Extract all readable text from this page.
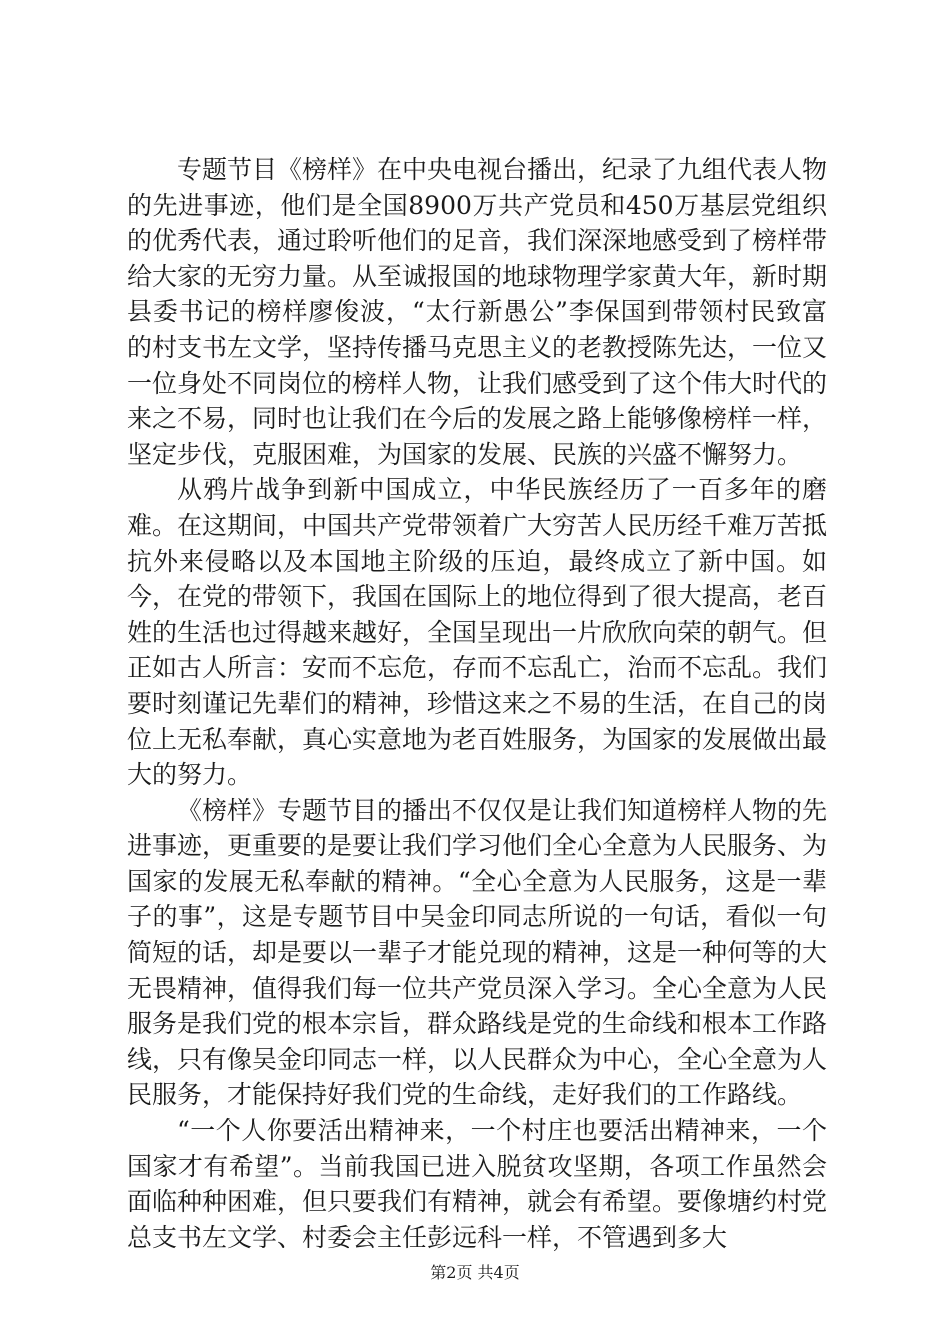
专题节目《榜样》在中央电视台播出，纪录了九组代表人物的先进事迹，他们是全国8900万共产党员和450万基层党组织的优秀代表，通过聆听他们的足音，我们深深地感受到了榜样带给大家的无穷力量。从至诚报国的地球物理学家黄大年，新时期县委书记的榜样廖俊波，“太行新愚公”李保国到带领村民致富的村支书左文学，坚持传播马克思主义的老教授陈先达，一位又一位身处不同岗位的榜样人物，让我们感受到了这个伟大时代的来之不易，同时也让我们在今后的发展之路上能够像榜样一样，坚定步伐，克服困难，为国家的发展、民族的兴盛不懈努力。

从鸦片战争到新中国成立，中华民族经历了一百多年的磨难。在这期间，中国共产党带领着广大穷苦人民历经千难万苦抵抗外来侵略以及本国地主阶级的压迫，最终成立了新中国。如今，在党的带领下，我国在国际上的地位得到了很大提高，老百姓的生活也过得越来越好，全国呈现出一片欣欣向荣的朝气。但正如古人所言：安而不忘危，存而不忘乱亡，治而不忘乱。我们要时刻谨记先辈们的精神，珍惜这来之不易的生活，在自己的岗位上无私奉献，真心实意地为老百姓服务，为国家的发展做出最大的努力。

《榜样》专题节目的播出不仅仅是让我们知道榜样人物的先进事迹，更重要的是要让我们学习他们全心全意为人民服务、为国家的发展无私奉献的精神。“全心全意为人民服务，这是一辈子的事”，这是专题节目中吴金印同志所说的一句话，看似一句简短的话，却是要以一辈子才能兑现的精神，这是一种何等的大无畏精神，值得我们每一位共产党员深入学习。全心全意为人民服务是我们党的根本宗旨，群众路线是党的生命线和根本工作路线，只有像吴金印同志一样，以人民群众为中心，全心全意为人民服务，才能保持好我们党的生命线，走好我们的工作路线。

“一个人你要活出精神来，一个村庄也要活出精神来，一个国家才有希望”。当前我国已进入脱贫攻坚期，各项工作虽然会面临种种困难，但只要我们有精神，就会有希望。要像塘约村党总支书左文学、村委会主任彭远科一样，不管遇到多大

第2页 共4页
